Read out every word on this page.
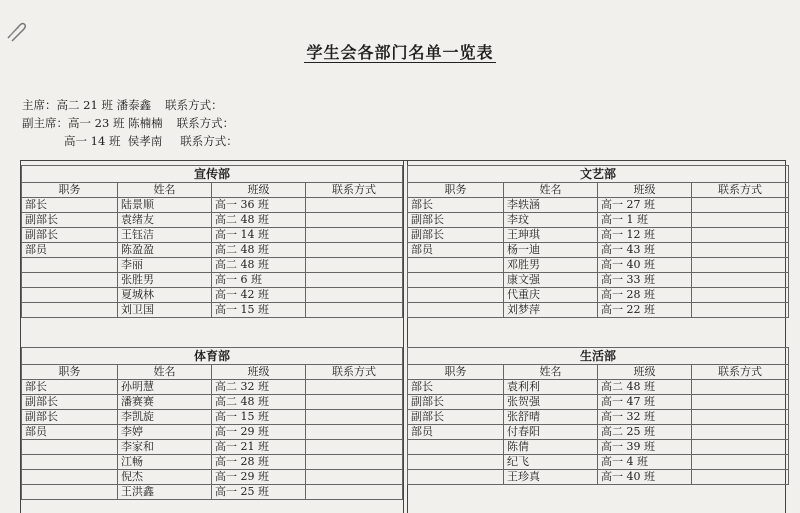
学生会各部门名单一览表
主席：高二 21 班 潘泰鑫 联系方式：
副主席：高一 23 班 陈楠楠 联系方式：
高一 14 班 侯孝南 联系方式：
宣传部			
职务	姓名	班级	联系方式
部长	陆景顺	高一 36 班	
副部长	袁绪友	高二 48 班	
副部长	王钰洁	高一 14 班	
部员	陈盈盈	高二 48 班	
	李丽	高二 48 班	
	张胜男	高一 6 班	
	夏城林	高一 42 班	
	刘卫国	高一 15 班	
文艺部			
职务	姓名	班级	联系方式
部长	李轶涵	高一 27 班	
副部长	李玟	高一 1 班	
副部长	王珅琪	高一 12 班	
部员	杨一迪	高一 43 班	
	邓胜男	高一 40 班	
	康文强	高一 33 班	
	代重庆	高一 28 班	
	刘梦萍	高一 22 班	
体育部			
职务	姓名	班级	联系方式
部长	孙明慧	高二 32 班	
副部长	潘赛赛	高二 48 班	
副部长	李凯旋	高一 15 班	
部员	李婷	高一 29 班	
	李家和	高一 21 班	
	江畅	高一 28 班	
	倪杰	高一 29 班	
	王洪鑫	高一 25 班	
生活部			
职务	姓名	班级	联系方式
部长	袁利利	高二 48 班	
副部长	张贺强	高一 47 班	
副部长	张舒晴	高一 32 班	
部员	付春阳	高二 25 班	
	陈倩	高一 39 班	
	纪飞	高一 4 班	
	王珍真	高一 40 班	
